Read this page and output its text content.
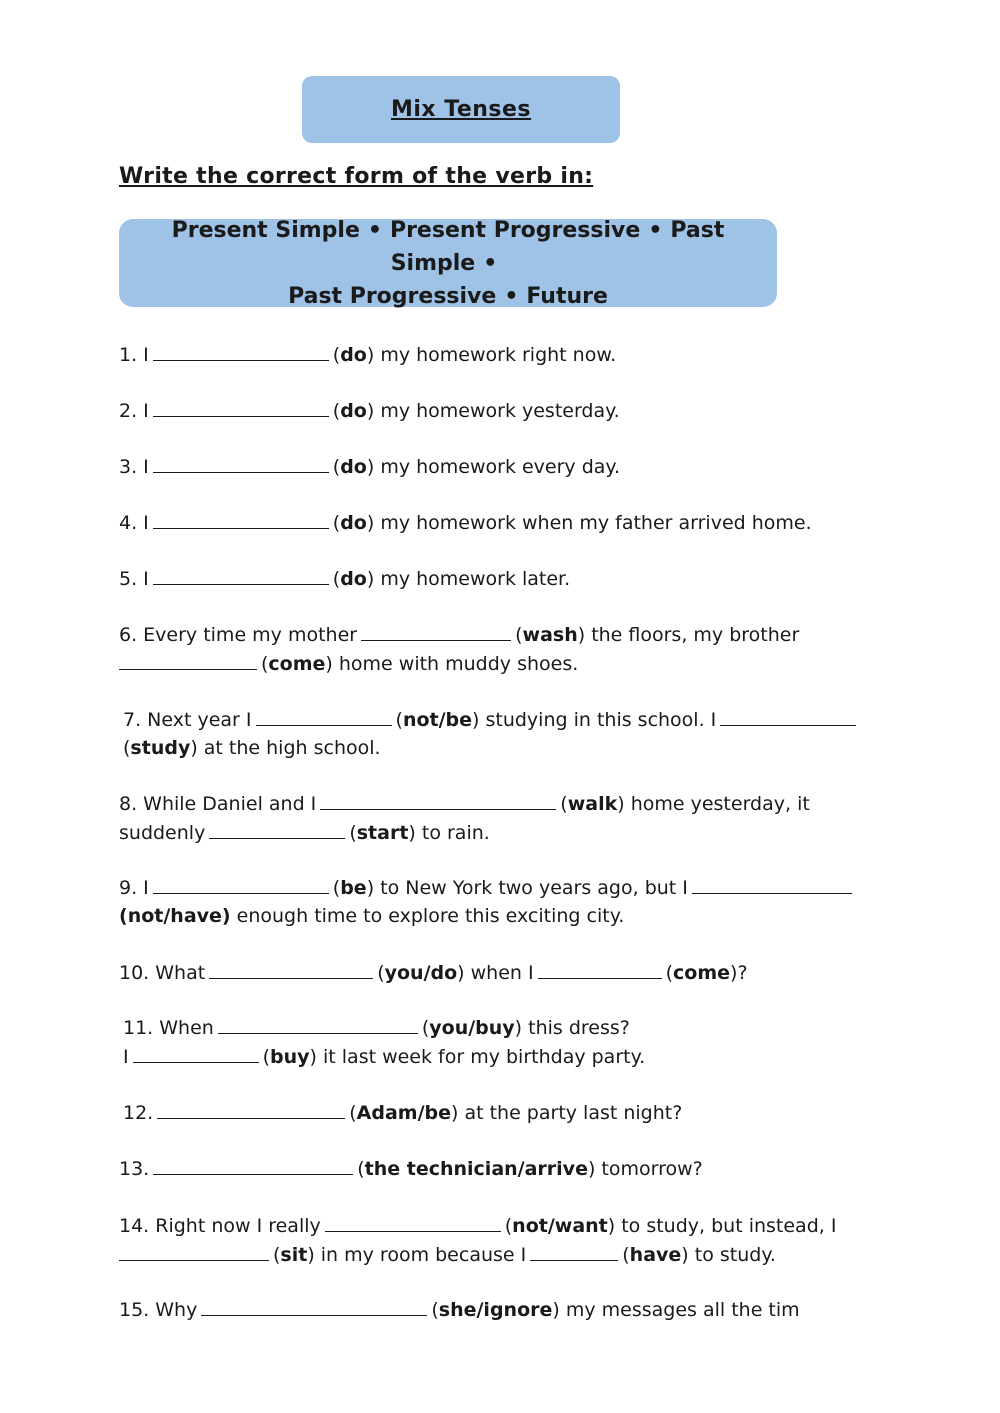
Mix Tenses
Write the correct form of the verb in:
Present Simple • Present Progressive • Past Simple •
Past Progressive • Future
1. I	(do) my homework right now.
2. I	(do) my homework yesterday.
3. I	(do) my homework every day.
4. I	(do) my homework when my father arrived home.
5. I	(do) my homework later.
6. Every time my mother	(wash) the floors, my brother
(come) home with muddy shoes.
7. Next year I	(not/be) studying in this school. I
(study) at the high school.
8. While Daniel and I	(walk) home yesterday, it
suddenly	(start) to rain.
9. I	(be) to New York two years ago, but I
(not/have) enough time to explore this exciting city.
10. What	(you/do) when I	(come)?
11. When	(you/buy) this dress?
I	(buy) it last week for my birthday party.
12.	(Adam/be) at the party last night?
13.	(the technician/arrive) tomorrow?
14. Right now I really	(not/want) to study, but instead, I
(sit) in my room because I	(have) to study.
15. Why	(she/ignore) my messages all the tim
